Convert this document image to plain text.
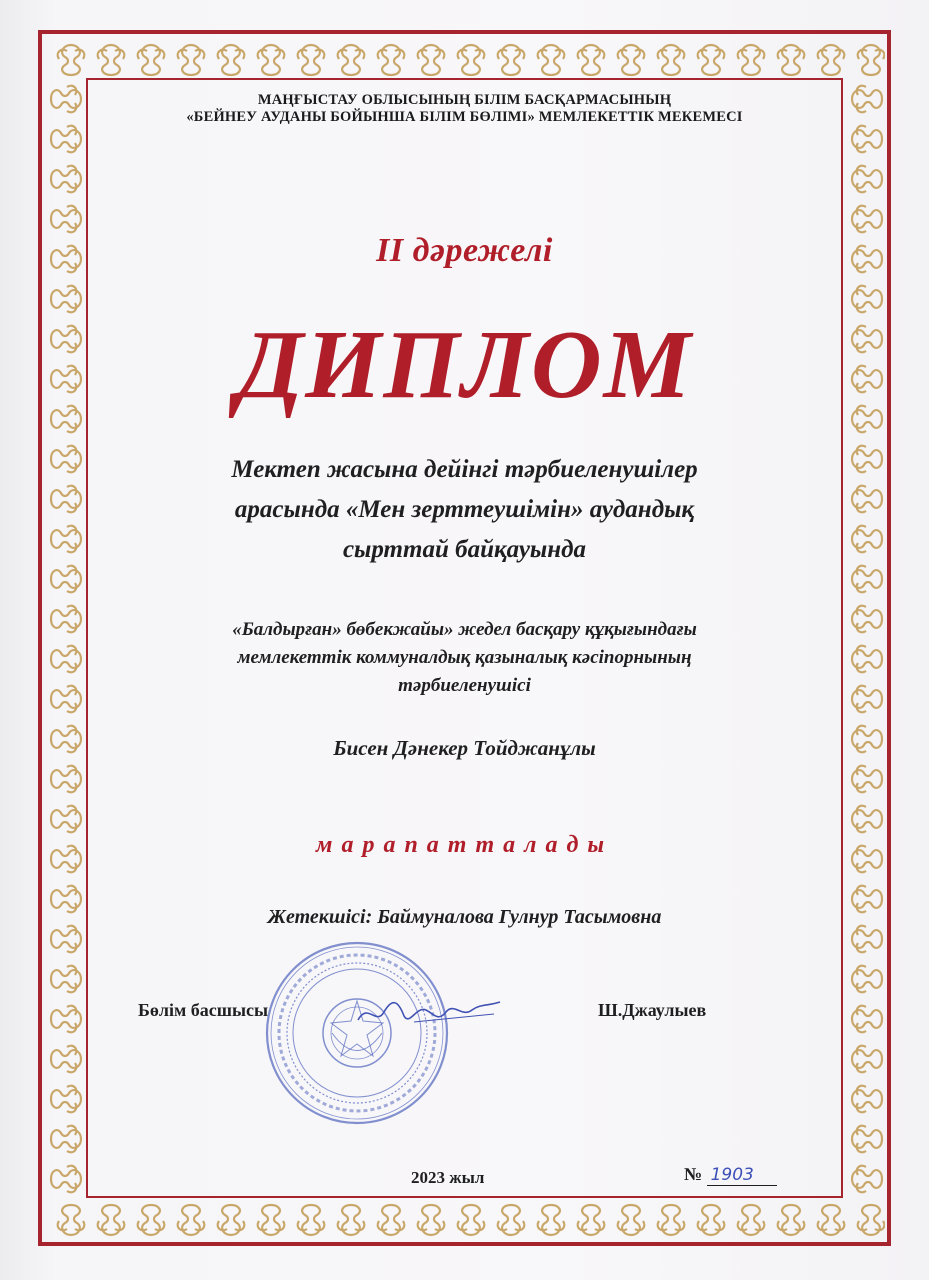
МАҢҒЫСТАУ ОБЛЫСЫНЫҢ БІЛІМ БАСҚАРМАСЫНЫҢ
«БЕЙНЕУ АУДАНЫ БОЙЫНША БІЛІМ БӨЛІМІ» МЕМЛЕКЕТТІК МЕКЕМЕСІ
ІІ дәрежелі
ДИПЛОМ
Мектеп жасына дейінгі тәрбиеленушілер
арасында «Мен зерттеушімін» аудандық
сырттай байқауында
«Балдырған» бөбекжайы» жедел басқару құқығындағы
мемлекеттік коммуналдық қазыналық кәсіпорнының
тәрбиеленушісі
Бисен Дәнекер Тойджанұлы
марапатталады
Жетекшісі: Баймуналова Гулнур Тасымовна
Бөлім басшысы	Ш.Джаулыев
2023 жыл	№ 1903
